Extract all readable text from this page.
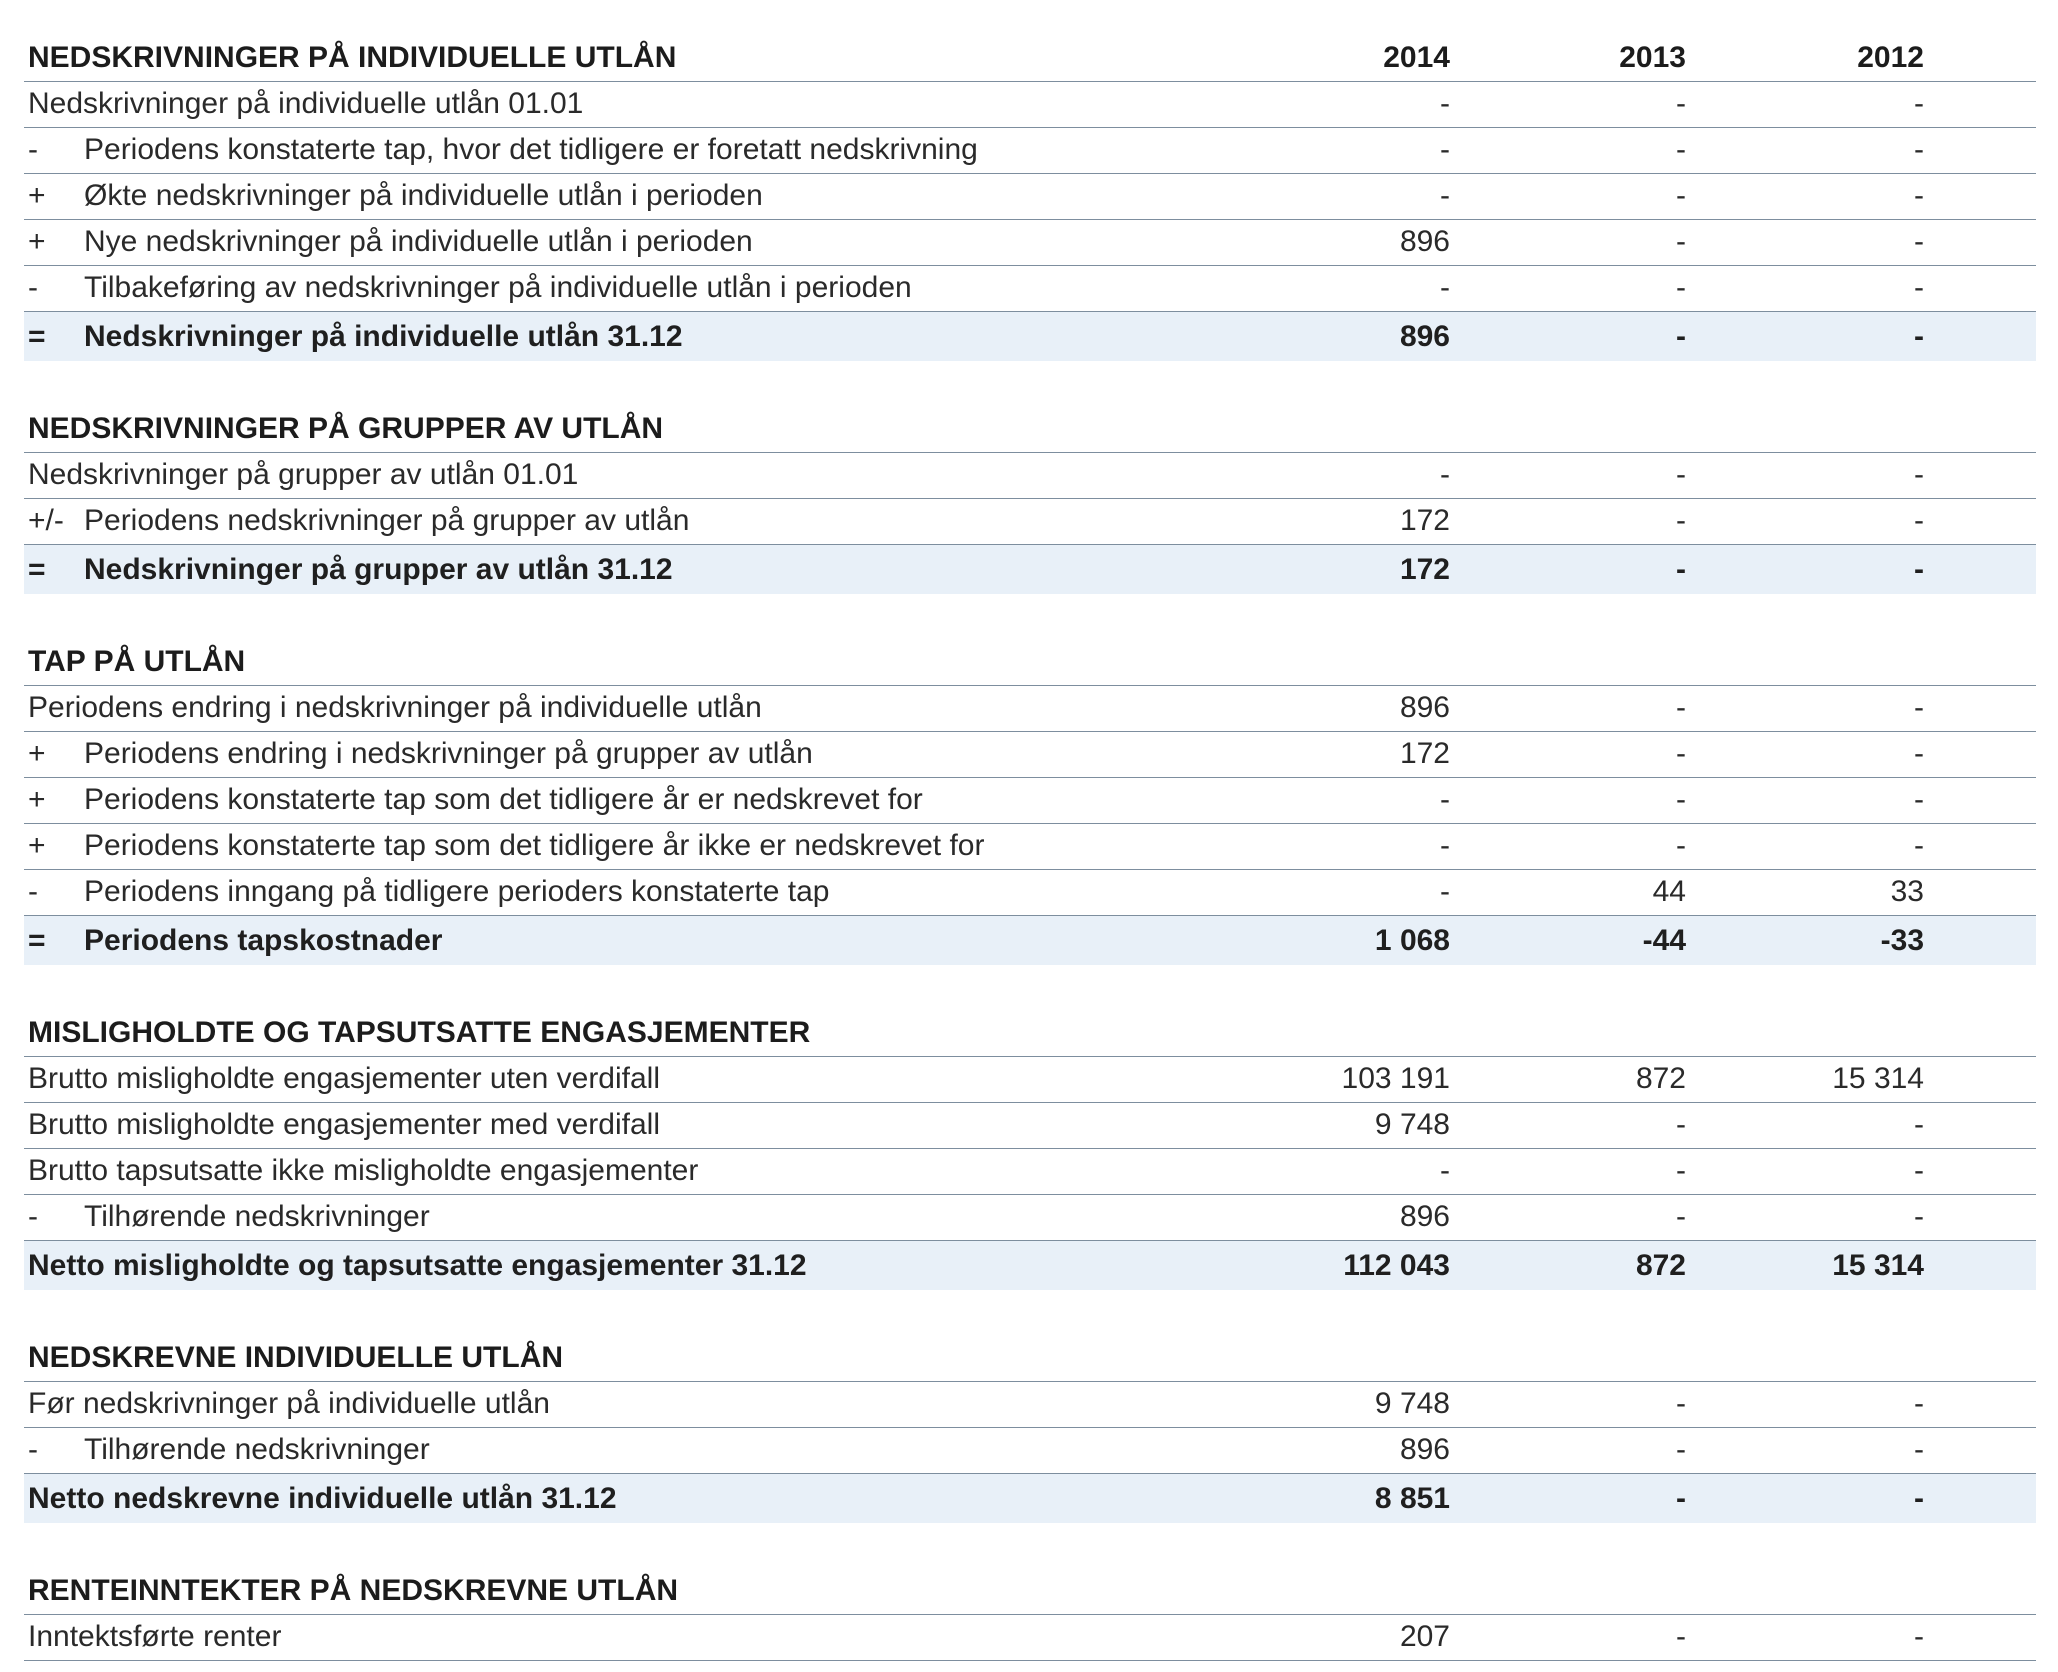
NEDSKRIVNINGER PÅ INDIVIDUELLE UTLÅN	2014	2013	2012
Nedskrivninger på individuelle utlån 01.01	-	-	-
- Periodens konstaterte tap, hvor det tidligere er foretatt nedskrivning	-	-	-
+ Økte nedskrivninger på individuelle utlån i perioden	-	-	-
+ Nye nedskrivninger på individuelle utlån i perioden	896	-	-
- Tilbakeføring av nedskrivninger på individuelle utlån i perioden	-	-	-
= Nedskrivninger på individuelle utlån 31.12	896	-	-
NEDSKRIVNINGER PÅ GRUPPER AV UTLÅN
Nedskrivninger på grupper av utlån 01.01	-	-	-
+/- Periodens nedskrivninger på grupper av utlån	172	-	-
= Nedskrivninger på grupper av utlån 31.12	172	-	-
TAP PÅ UTLÅN
Periodens endring i nedskrivninger på individuelle utlån	896	-	-
+ Periodens endring i nedskrivninger på grupper av utlån	172	-	-
+ Periodens konstaterte tap som det tidligere år er nedskrevet for	-	-	-
+ Periodens konstaterte tap som det tidligere år ikke er nedskrevet for	-	-	-
- Periodens inngang på tidligere perioders konstaterte tap	-	44	33
= Periodens tapskostnader	1 068	-44	-33
MISLIGHOLDTE OG TAPSUTSATTE ENGASJEMENTER
Brutto misligholdte engasjementer uten verdifall	103 191	872	15 314
Brutto misligholdte engasjementer med verdifall	9 748	-	-
Brutto tapsutsatte ikke misligholdte engasjementer	-	-	-
- Tilhørende nedskrivninger	896	-	-
Netto misligholdte og tapsutsatte engasjementer 31.12	112 043	872	15 314
NEDSKREVNE INDIVIDUELLE UTLÅN
Før nedskrivninger på individuelle utlån	9 748	-	-
- Tilhørende nedskrivninger	896	-	-
Netto nedskrevne individuelle utlån 31.12	8 851	-	-
RENTEINNTEKTER PÅ NEDSKREVNE UTLÅN
Inntektsførte renter	207	-	-
